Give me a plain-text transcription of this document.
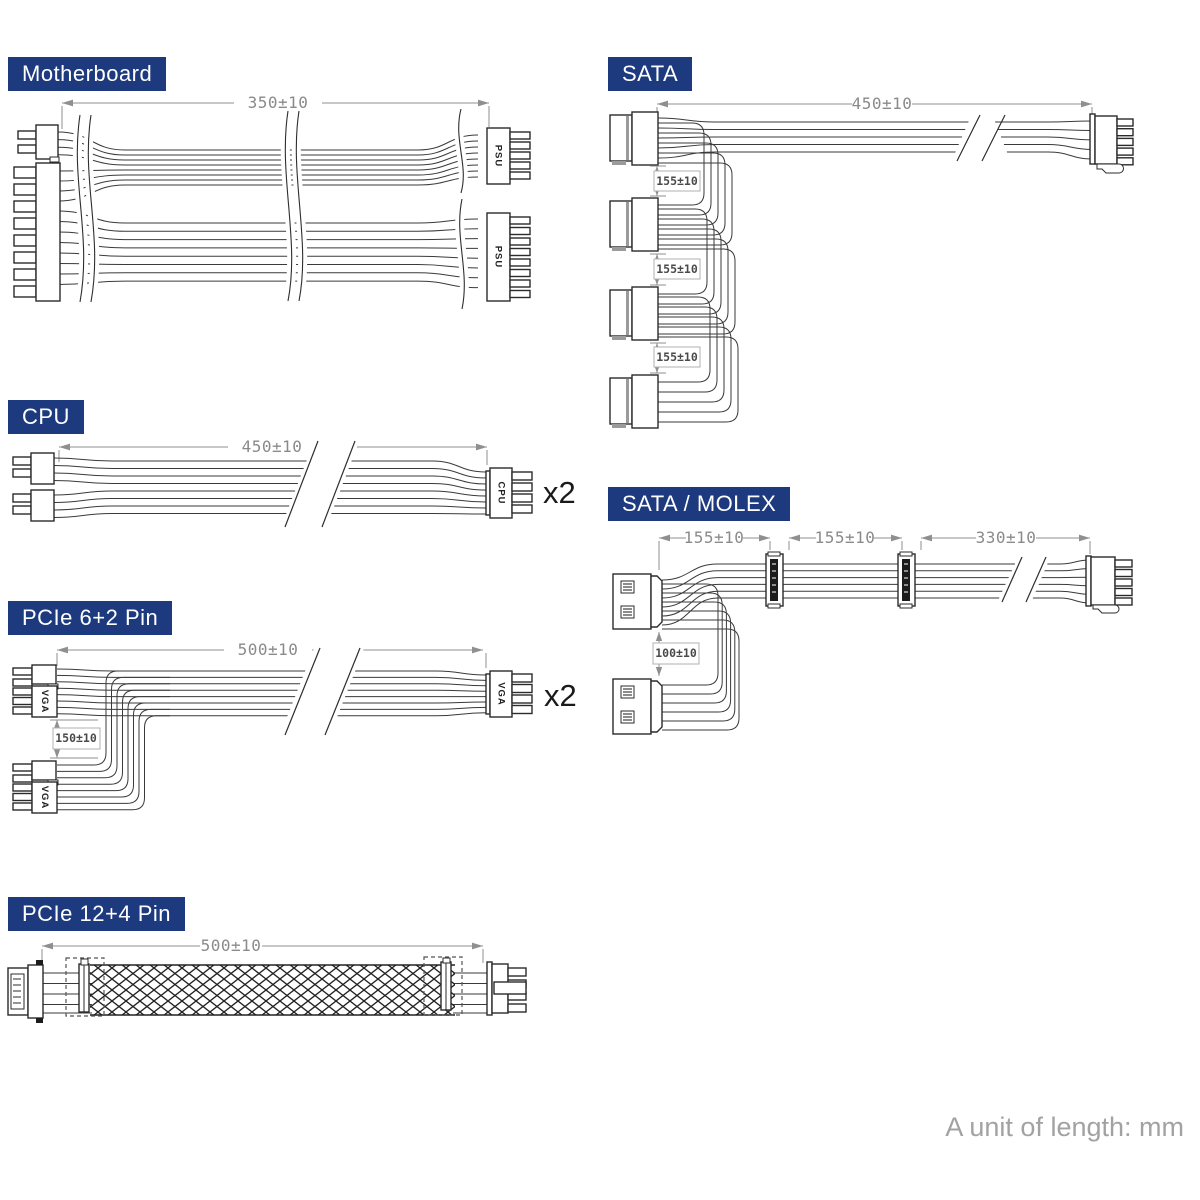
Motherboard	SATA
CPU
SATA / MOLEX
PCIe 6+2 Pin
PCIe 12+4 Pin
350±10
PSU
PSU
450±10
155±10
155±10
155±10
450±10
CPU x2
155±10	155±10	330±10
100±10
500±10
VGA
VGA
150±10
VGA x2
500±10
A unit of length: mm
